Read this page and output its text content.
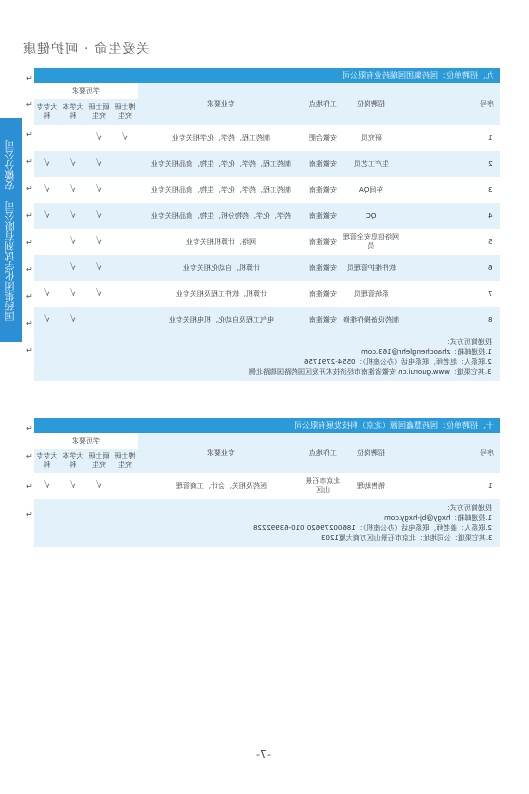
关爱生命 · 呵护健康
国药集团化学试剂有限公司 安徽分公司
↵
↵
↵
↵
↵
↵
↵
↵
↵
↵
↵
↵
↵
↵
↵
九、招聘单位：国药集团国瑞药业有限公司
学历要求				专业要求	工作地点	招聘岗位	序号
大专专科	大学本科	硕士研究生	博士研究生				
		√	√	制药工程、药学、化学相关专业	安徽合肥	研究员	1
√	√	√		制药工程、药学、化学、生物、食品相关专业	安徽淮南	生产工艺员	2
√	√	√		制药工程、药学、化学、生物、食品相关专业	安徽淮南	车间QA	3
√	√	√		药学、化学、药物分析、生物、食品相关专业	安徽淮南	QC	4
	√	√		网络、计算机相关专业	安徽淮南	网络信息安全管理员	5
	√	√		计算机、自动化相关专业	安徽淮南	软件维护管理员	6
√	√	√		计算机、软件工程及相关专业	安徽淮南	系统管理员	7
√	√			电气工程及自动化、机电相关专业	安徽淮南	制药设备操作维修	8
投递简历方式：
1.投递邮箱：zhaochenglehr@163.com
2.联系人：赵老师，联系电话（办公座机）：0554-2791756
3.其它渠道：www.guorui.cn 安徽省淮南市经济技术开发区国药路国瑞路北侧
十、招聘单位：国药慧鑫国源（北京）科技发展有限公司
学历要求				专业要求	工作地点	招聘岗位	序号
大专专科	大学本科	硕士研究生	博士研究生				
√	√	√		医药及相关、会计、工商管理	北京市石景山区	销售助理	1
投递简历方式：
1.投递邮箱：hxgy@bj-hxgy.com
2.联系人：姜老师，联系电话（办公座机）：18600279620 010-63992228
3.其它渠道：公司地址：北京市石景山区万商大厦1203
-7-
